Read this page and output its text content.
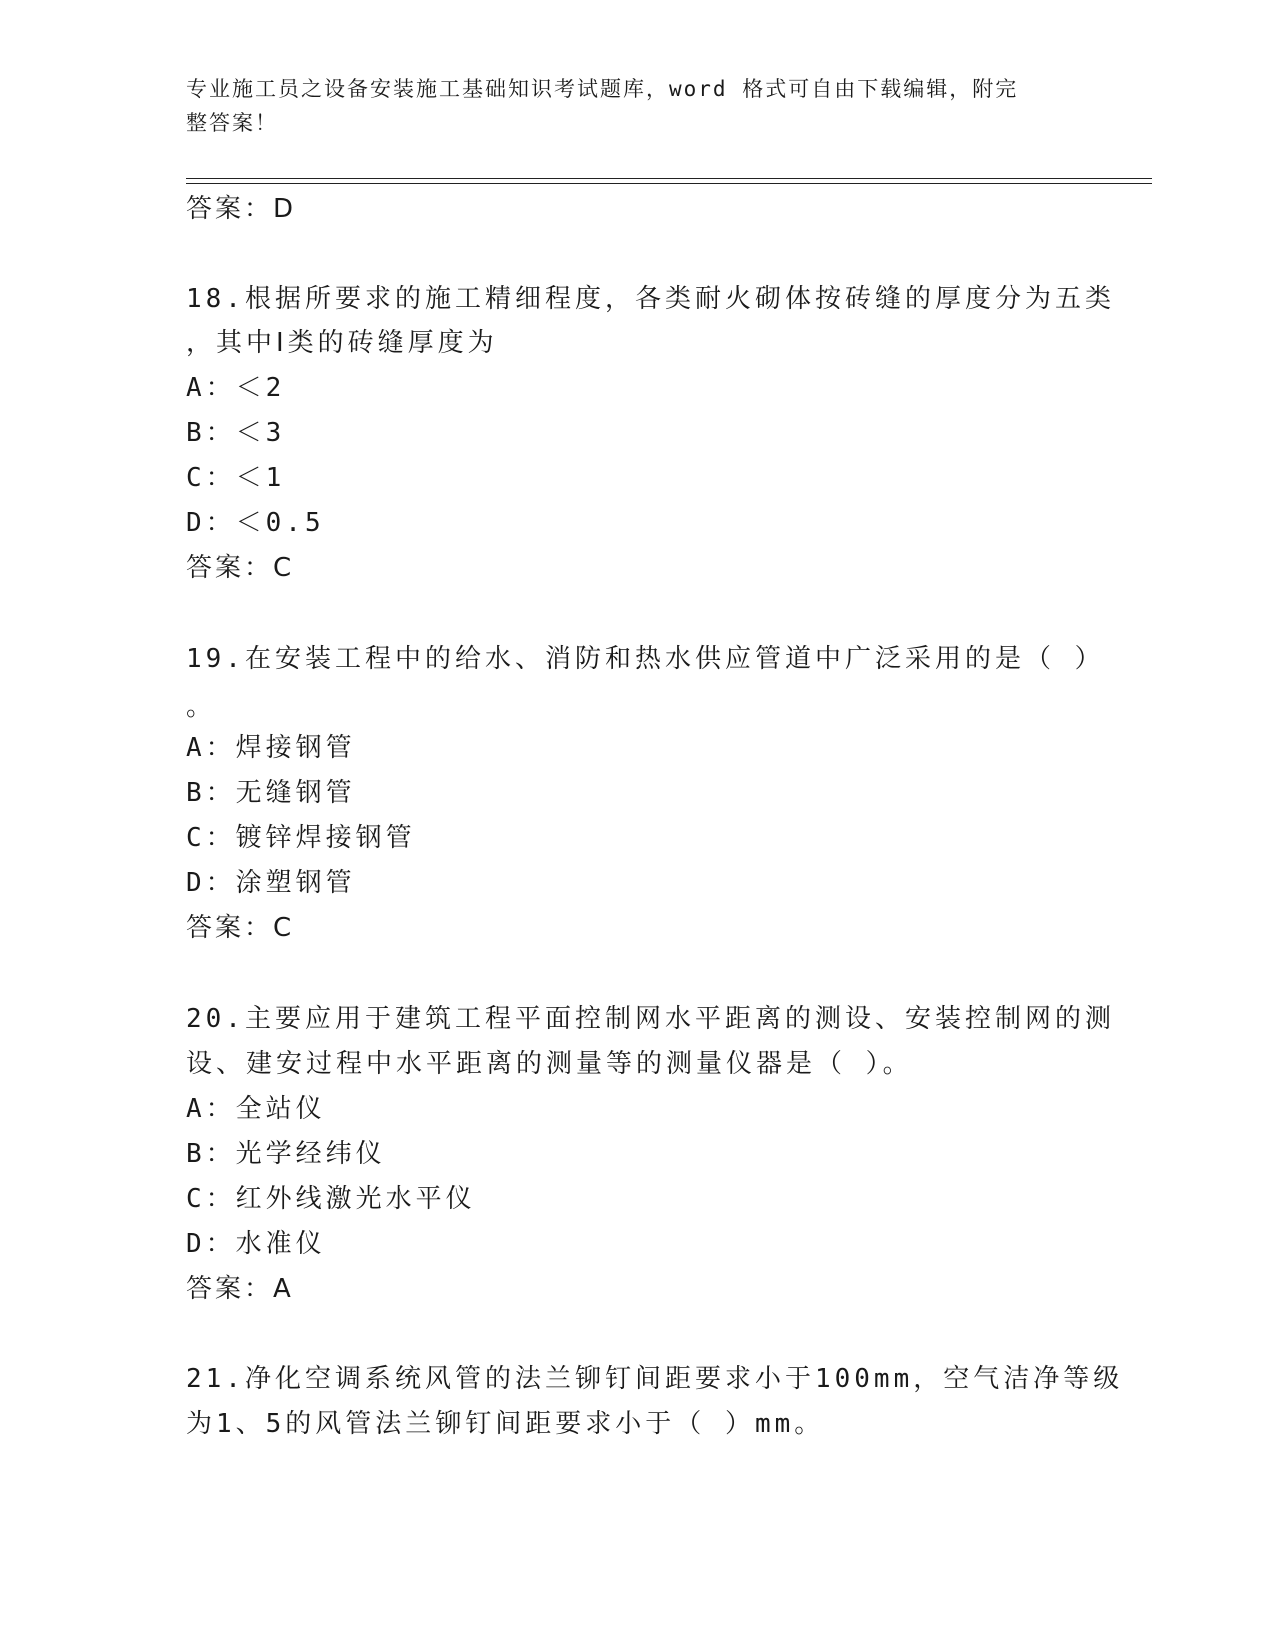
专业施工员之设备安装施工基础知识考试题库，word 格式可自由下载编辑，附完
整答案！
答案：D
18.根据所要求的施工精细程度，各类耐火砌体按砖缝的厚度分为五类
，其中Ⅰ类的砖缝厚度为
A：＜2
B：＜3
C：＜1
D：＜0.5
答案：C
19.在安装工程中的给水、消防和热水供应管道中广泛采用的是（ ）
。
A：焊接钢管
B：无缝钢管
C：镀锌焊接钢管
D：涂塑钢管
答案：C
20.主要应用于建筑工程平面控制网水平距离的测设、安装控制网的测
设、建安过程中水平距离的测量等的测量仪器是（ ）。
A：全站仪
B：光学经纬仪
C：红外线激光水平仪
D：水准仪
答案：A
21.净化空调系统风管的法兰铆钉间距要求小于100mm，空气洁净等级
为1、5的风管法兰铆钉间距要求小于（ ）mm。
